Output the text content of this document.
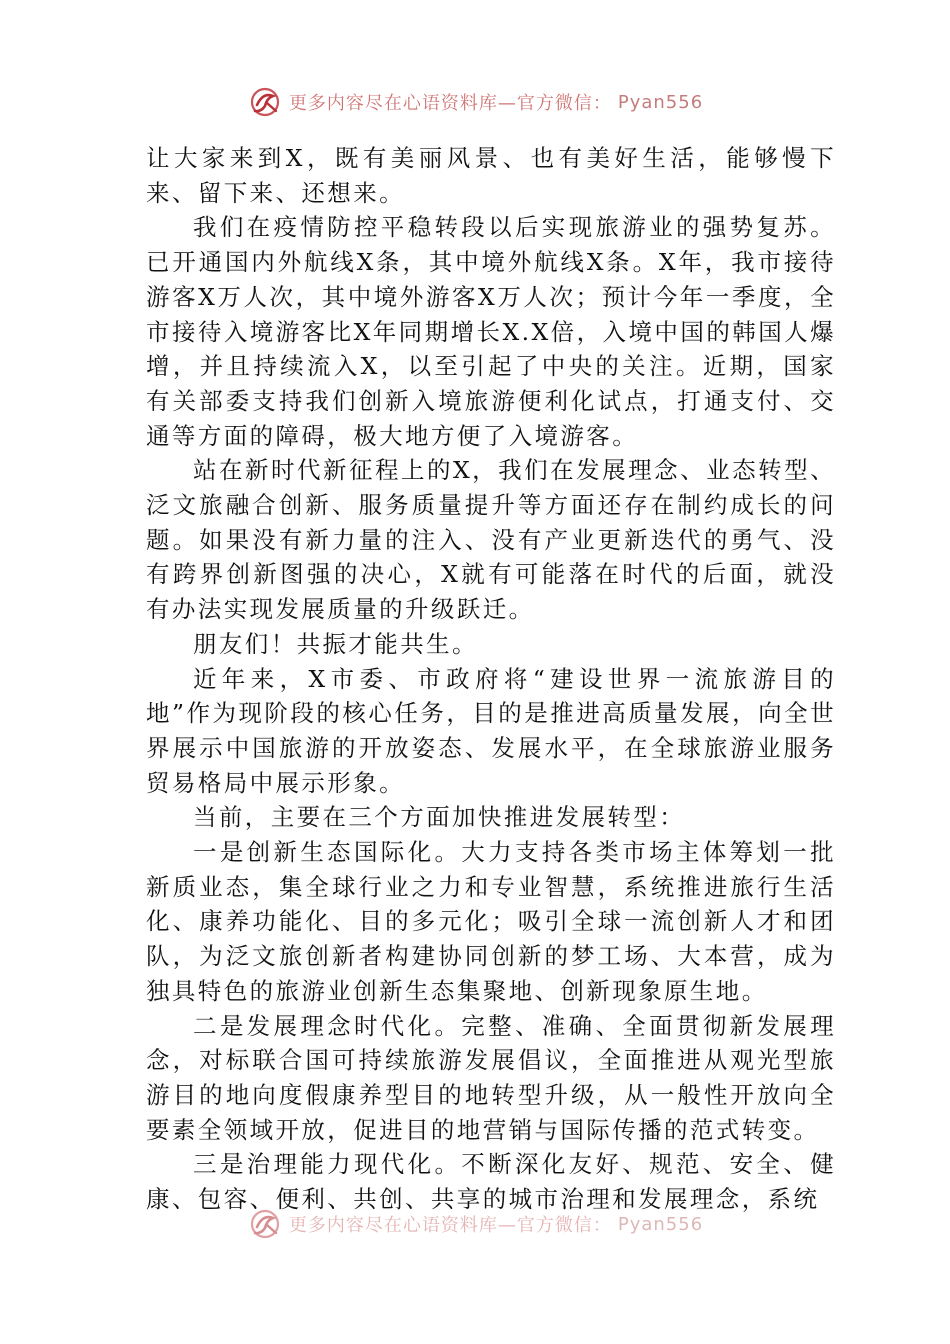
更多内容尽在心语资料库—官方微信： Pyan556

让大家来到X，既有美丽风景、也有美好生活，能够慢下来、留下来、还想来。

我们在疫情防控平稳转段以后实现旅游业的强势复苏。已开通国内外航线X条，其中境外航线X条。X年，我市接待游客X万人次，其中境外游客X万人次；预计今年一季度，全市接待入境游客比X年同期增长X.X倍，入境中国的韩国人爆增，并且持续流入X，以至引起了中央的关注。近期，国家有关部委支持我们创新入境旅游便利化试点，打通支付、交通等方面的障碍，极大地方便了入境游客。

站在新时代新征程上的X，我们在发展理念、业态转型、泛文旅融合创新、服务质量提升等方面还存在制约成长的问题。如果没有新力量的注入、没有产业更新迭代的勇气、没有跨界创新图强的决心，X就有可能落在时代的后面，就没有办法实现发展质量的升级跃迁。

朋友们！共振才能共生。

近年来，X市委、市政府将“建设世界一流旅游目的地”作为现阶段的核心任务，目的是推进高质量发展，向全世界展示中国旅游的开放姿态、发展水平，在全球旅游业服务贸易格局中展示形象。

当前，主要在三个方面加快推进发展转型：

一是创新生态国际化。大力支持各类市场主体筹划一批新质业态，集全球行业之力和专业智慧，系统推进旅行生活化、康养功能化、目的多元化；吸引全球一流创新人才和团队，为泛文旅创新者构建协同创新的梦工场、大本营，成为独具特色的旅游业创新生态集聚地、创新现象原生地。

二是发展理念时代化。完整、准确、全面贯彻新发展理念，对标联合国可持续旅游发展倡议，全面推进从观光型旅游目的地向度假康养型目的地转型升级，从一般性开放向全要素全领域开放，促进目的地营销与国际传播的范式转变。

三是治理能力现代化。不断深化友好、规范、安全、健康、包容、便利、共创、共享的城市治理和发展理念，系统

更多内容尽在心语资料库—官方微信： Pyan556
